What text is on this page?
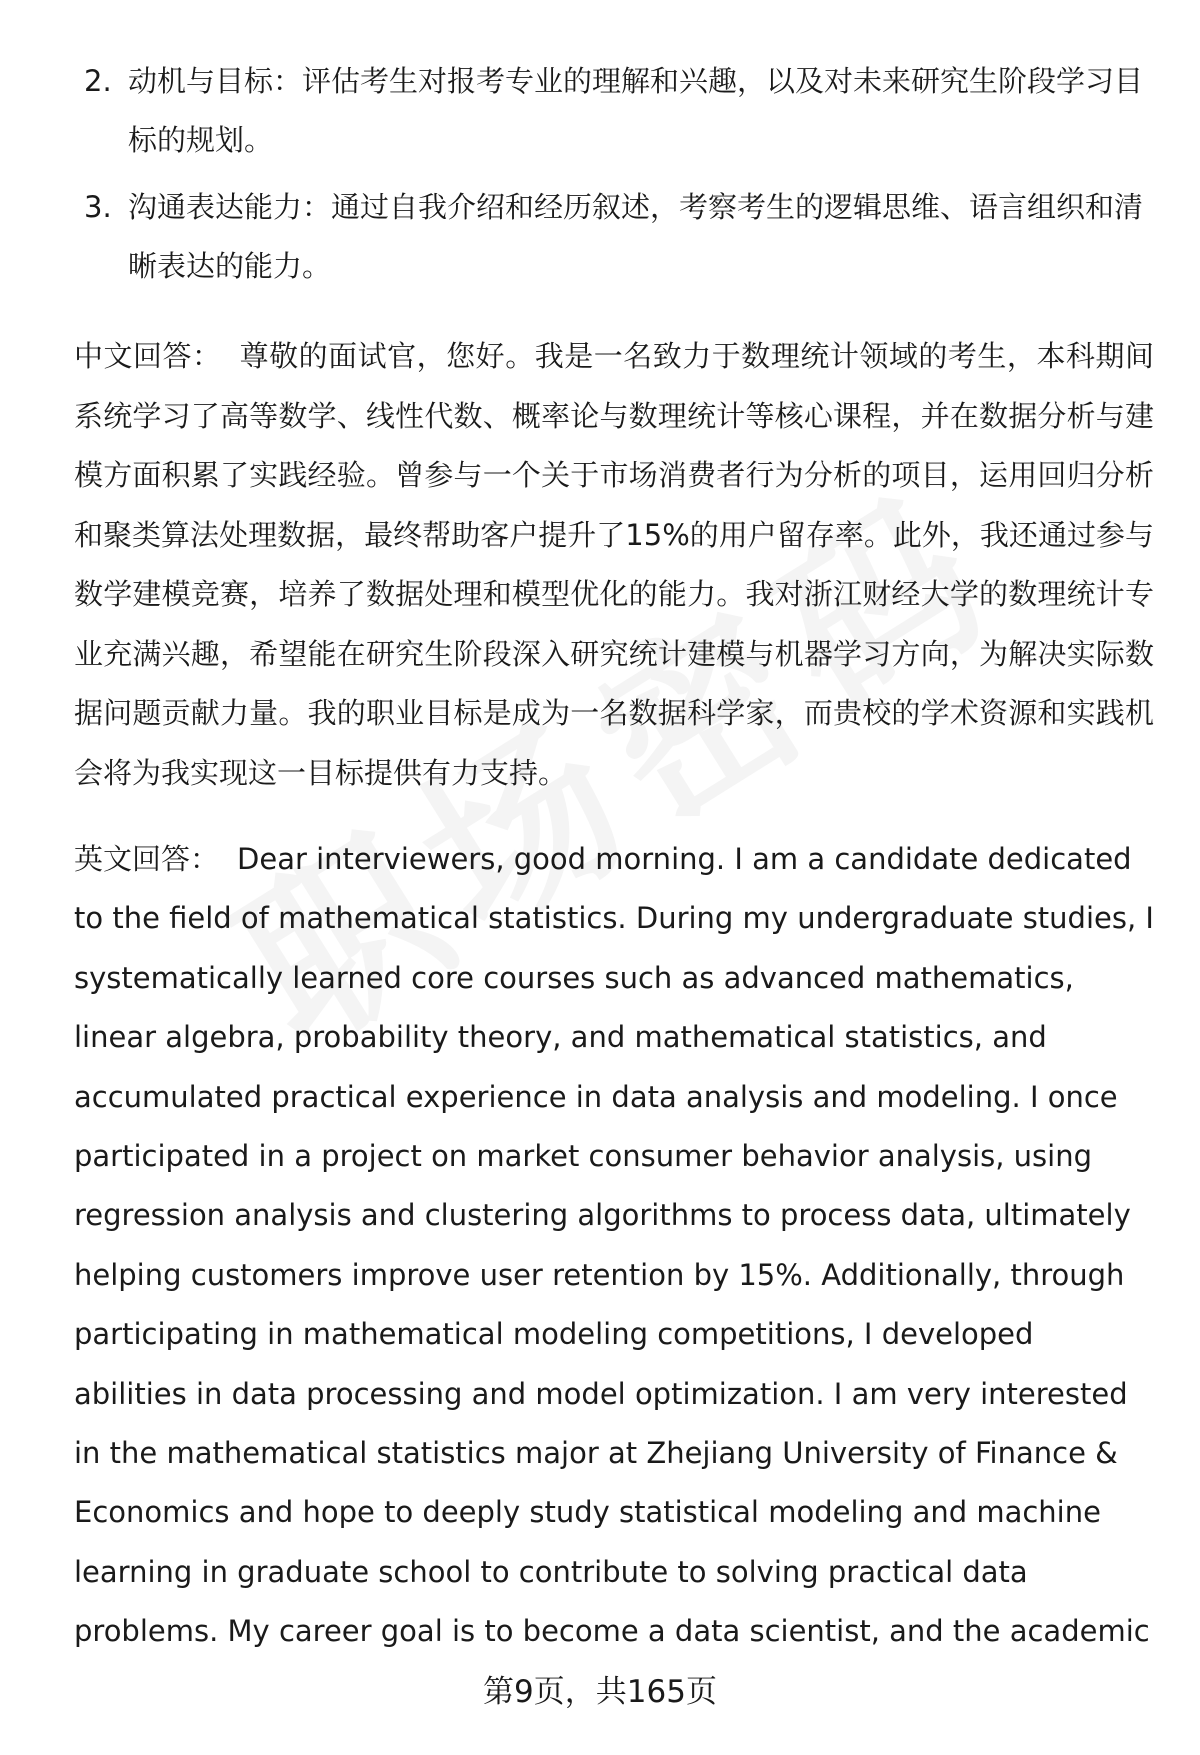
2. 动机与目标：评估考生对报考专业的理解和兴趣，以及对未来研究生阶段学习目标的规划。
3. 沟通表达能力：通过自我介绍和经历叙述，考察考生的逻辑思维、语言组织和清晰表达的能力。

中文回答： 尊敬的面试官，您好。我是一名致力于数理统计领域的考生，本科期间系统学习了高等数学、线性代数、概率论与数理统计等核心课程，并在数据分析与建模方面积累了实践经验。曾参与一个关于市场消费者行为分析的项目，运用回归分析和聚类算法处理数据，最终帮助客户提升了15%的用户留存率。此外，我还通过参与数学建模竞赛，培养了数据处理和模型优化的能力。我对浙江财经大学的数理统计专业充满兴趣，希望能在研究生阶段深入研究统计建模与机器学习方向，为解决实际数据问题贡献力量。我的职业目标是成为一名数据科学家，而贵校的学术资源和实践机会将为我实现这一目标提供有力支持。

英文回答： Dear interviewers, good morning. I am a candidate dedicated to the field of mathematical statistics. During my undergraduate studies, I systematically learned core courses such as advanced mathematics, linear algebra, probability theory, and mathematical statistics, and accumulated practical experience in data analysis and modeling. I once participated in a project on market consumer behavior analysis, using regression analysis and clustering algorithms to process data, ultimately helping customers improve user retention by 15%. Additionally, through participating in mathematical modeling competitions, I developed abilities in data processing and model optimization. I am very interested in the mathematical statistics major at Zhejiang University of Finance & Economics and hope to deeply study statistical modeling and machine learning in graduate school to contribute to solving practical data problems. My career goal is to become a data scientist, and the academic

第9页，共165页
